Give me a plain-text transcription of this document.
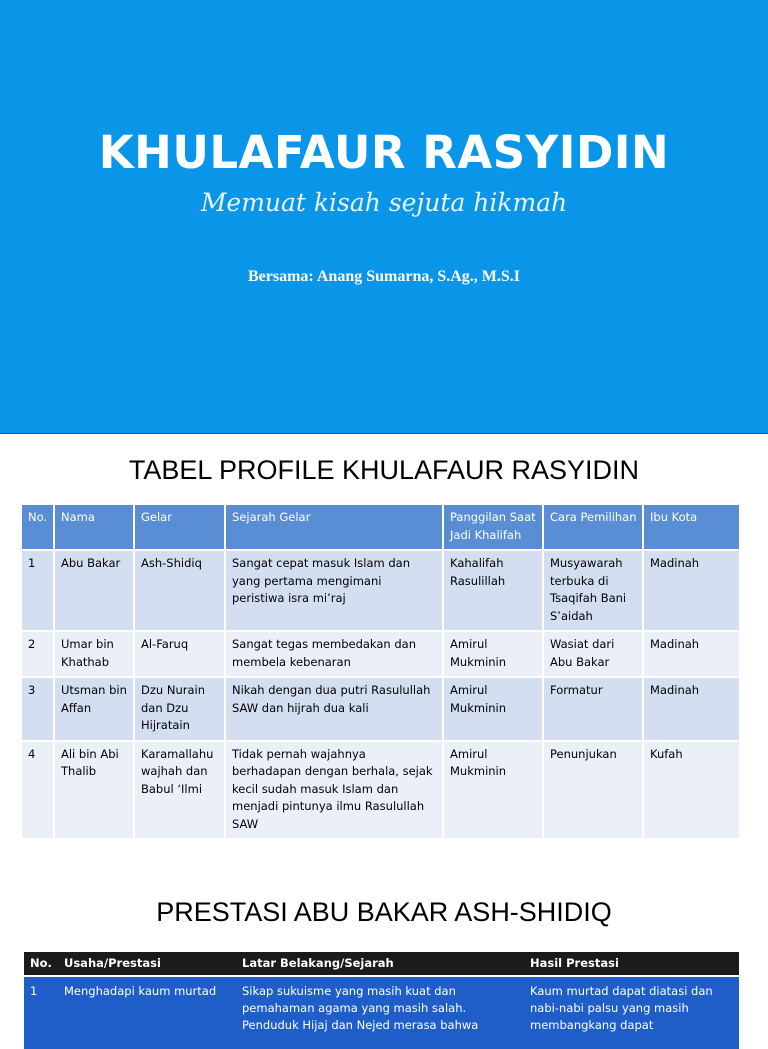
KHULAFAUR RASYIDIN
Memuat kisah sejuta hikmah
Bersama: Anang Sumarna, S.Ag., M.S.I
TABEL PROFILE KHULAFAUR RASYIDIN
No.	Nama	Gelar	Sejarah Gelar	Panggilan Saat Jadi Khalifah	Cara Pemilihan	Ibu Kota
1	Abu Bakar	Ash-Shidiq	Sangat cepat masuk Islam dan yang pertama mengimani peristiwa isra mi’raj	Kahalifah Rasulillah	Musyawarah terbuka di Tsaqifah Bani S’aidah	Madinah
2	Umar bin Khathab	Al-Faruq	Sangat tegas membedakan dan membela kebenaran	Amirul Mukminin	Wasiat dari Abu Bakar	Madinah
3	Utsman bin Affan	Dzu Nurain dan Dzu Hijratain	Nikah dengan dua putri Rasulullah SAW dan hijrah dua kali	Amirul Mukminin	Formatur	Madinah
4	Ali bin Abi Thalib	Karamallahu wajhah dan Babul ‘Ilmi	Tidak pernah wajahnya berhadapan dengan berhala, sejak kecil sudah masuk Islam dan menjadi pintunya ilmu Rasulullah SAW	Amirul Mukminin	Penunjukan	Kufah
PRESTASI ABU BAKAR ASH-SHIDIQ
No.	Usaha/Prestasi	Latar Belakang/Sejarah	Hasil Prestasi

1	Menghadapi kaum murtad	Sikap sukuisme yang masih kuat dan pemahaman agama yang masih salah. Penduduk Hijaj dan Nejed merasa bahwa	Kaum murtad dapat diatasi dan nabi-nabi palsu yang masih membangkang dapat
